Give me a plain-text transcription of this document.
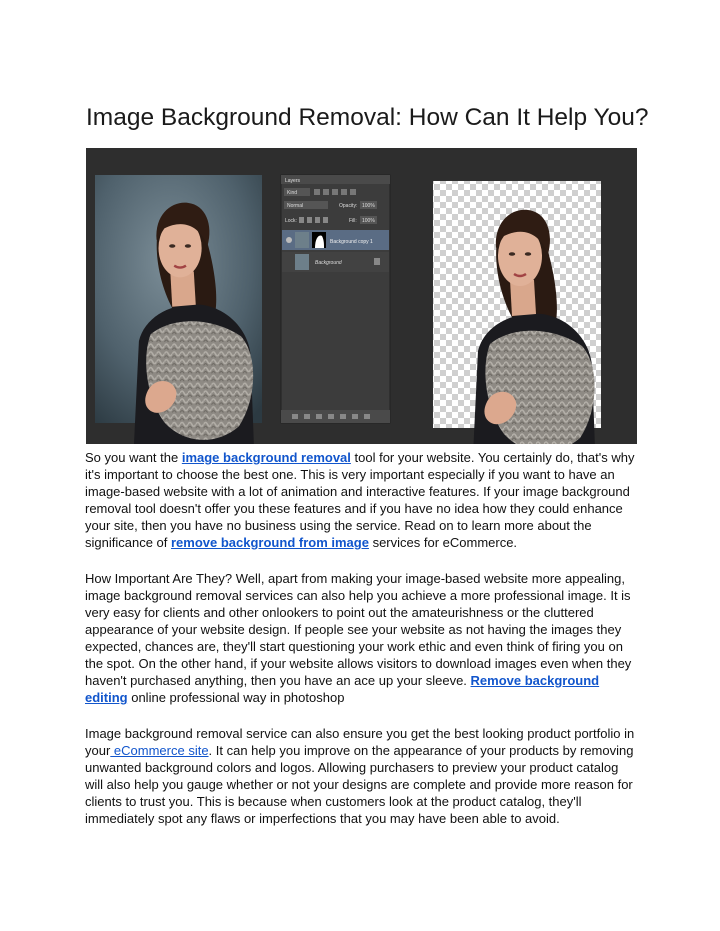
Image Background Removal: How Can It Help You?
Layers
Kind
Normal	Opacity: 100%
Lock:	Fill: 100%
Background copy 1
Background

So you want the image background removal tool for your website. You certainly do, that's why it's important to choose the best one. This is very important especially if you want to have an image-based website with a lot of animation and interactive features. If your image background removal tool doesn't offer you these features and if you have no idea how they could enhance your site, then you have no business using the service. Read on to learn more about the significance of remove background from image services for eCommerce.

How Important Are They? Well, apart from making your image-based website more appealing, image background removal services can also help you achieve a more professional image. It is very easy for clients and other onlookers to point out the amateurishness or the cluttered appearance of your website design. If people see your website as not having the images they expected, chances are, they'll start questioning your work ethic and even think of firing you on the spot. On the other hand, if your website allows visitors to download images even when they haven't purchased anything, then you have an ace up your sleeve. Remove background editing online professional way in photoshop

Image background removal service can also ensure you get the best looking product portfolio in your eCommerce site. It can help you improve on the appearance of your products by removing unwanted background colors and logos. Allowing purchasers to preview your product catalog will also help you gauge whether or not your designs are complete and provide more reason for clients to trust you. This is because when customers look at the product catalog, they'll immediately spot any flaws or imperfections that you may have been able to avoid.
